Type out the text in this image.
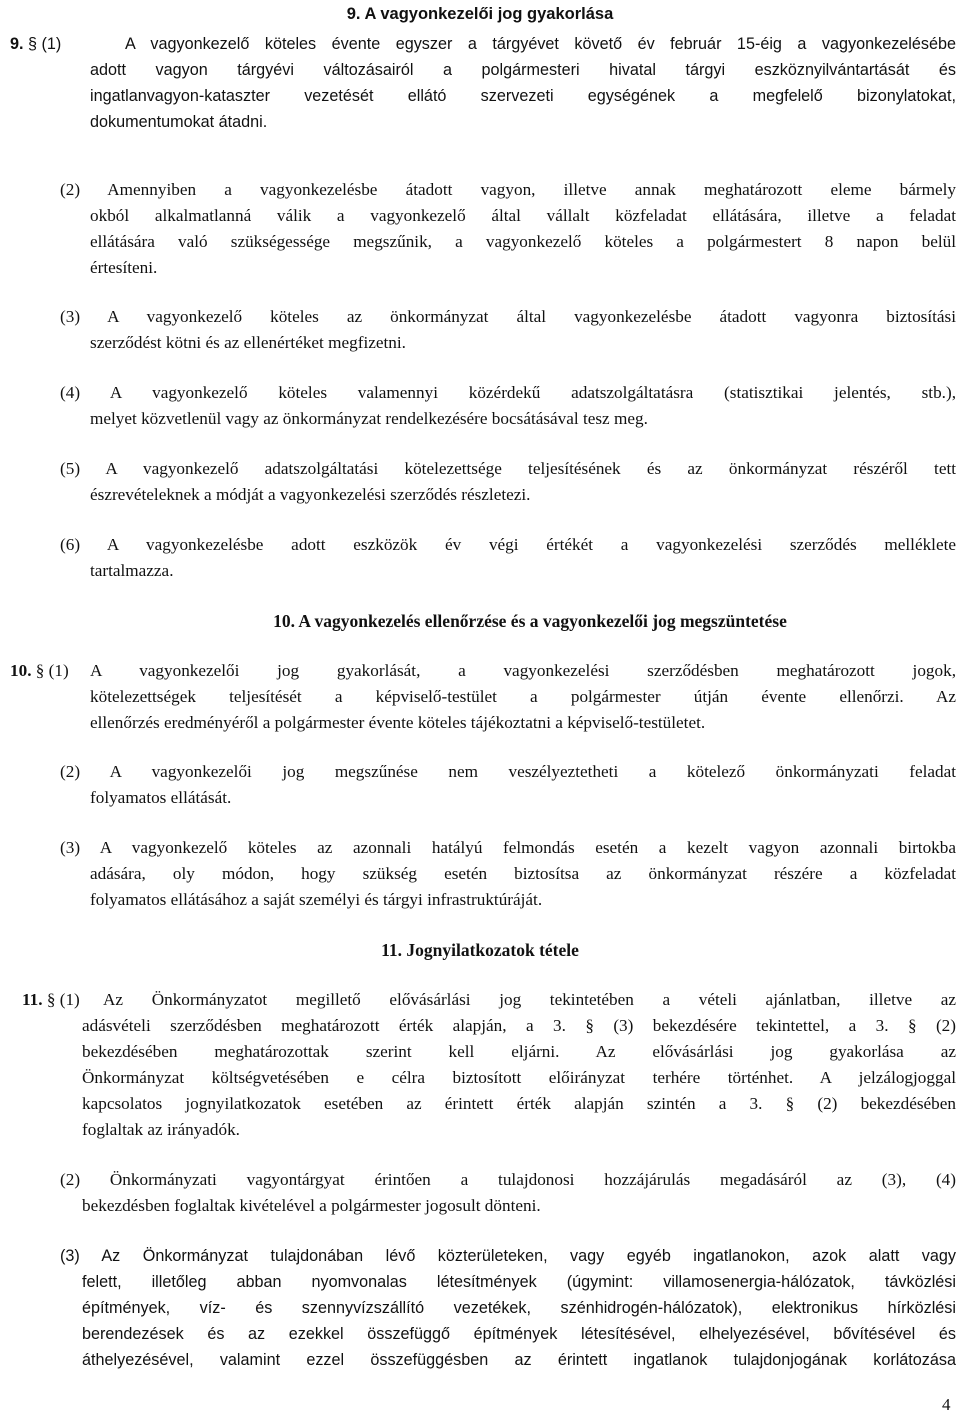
9. A vagyonkezelői jog gyakorlása
9. § (1)	A vagyonkezelő köteles évente egyszer a tárgyévet követő év február 15-éig a vagyonkezelésébe

adott vagyon tárgyévi változásairól a polgármesteri hivatal tárgyi eszköznyilvántartását és

ingatlanvagyon-kataszter vezetését ellátó szervezeti egységének a megfelelő bizonylatokat,

dokumentumokat átadni.

(2) Amennyiben a vagyonkezelésbe átadott vagyon, illetve annak meghatározott eleme bármely

okból alkalmatlanná válik a vagyonkezelő által vállalt közfeladat ellátására, illetve a feladat

ellátására való szükségessége megszűnik, a vagyonkezelő köteles a polgármestert 8 napon belül

értesíteni.

(3) A vagyonkezelő köteles az önkormányzat által vagyonkezelésbe átadott vagyonra biztosítási

szerződést kötni és az ellenértéket megfizetni.

(4) A vagyonkezelő köteles valamennyi közérdekű adatszolgáltatásra (statisztikai jelentés, stb.),

melyet közvetlenül vagy az önkormányzat rendelkezésére bocsátásával tesz meg.

(5) A vagyonkezelő adatszolgáltatási kötelezettsége teljesítésének és az önkormányzat részéről tett

észrevételeknek a módját a vagyonkezelési szerződés részletezi.

(6) A vagyonkezelésbe adott eszközök év végi értékét a vagyonkezelési szerződés melléklete

tartalmazza.

10. A vagyonkezelés ellenőrzése és a vagyonkezelői jog megszüntetése
10. § (1) A vagyonkezelői jog gyakorlását, a vagyonkezelési szerződésben meghatározott jogok,

kötelezettségek teljesítését a képviselő-testület a polgármester útján évente ellenőrzi. Az

ellenőrzés eredményéről a polgármester évente köteles tájékoztatni a képviselő-testületet.

(2) A vagyonkezelői jog megszűnése nem veszélyeztetheti a kötelező önkormányzati feladat

folyamatos ellátását.

(3) A vagyonkezelő köteles az azonnali hatályú felmondás esetén a kezelt vagyon azonnali birtokba

adására, oly módon, hogy szükség esetén biztosítsa az önkormányzat részére a közfeladat

folyamatos ellátásához a saját személyi és tárgyi infrastruktúráját.

11. Jognyilatkozatok tétele
11. § (1) Az Önkormányzatot megillető elővásárlási jog tekintetében a vételi ajánlatban, illetve az

adásvételi szerződésben meghatározott érték alapján, a 3. § (3) bekezdésére tekintettel, a 3. § (2)

bekezdésében meghatározottak szerint kell eljárni. Az elővásárlási jog gyakorlása az

Önkormányzat költségvetésében e célra biztosított előirányzat terhére történhet. A jelzálogjoggal

kapcsolatos jognyilatkozatok esetében az érintett érték alapján szintén a 3. § (2) bekezdésében

foglaltak az irányadók.

(2) Önkormányzati vagyontárgyat érintően a tulajdonosi hozzájárulás megadásáról az (3), (4)

bekezdésben foglaltak kivételével a polgármester jogosult dönteni.

(3) Az Önkormányzat tulajdonában lévő közterületeken, vagy egyéb ingatlanokon, azok alatt vagy

felett, illetőleg abban nyomvonalas létesítmények (úgymint: villamosenergia-hálózatok, távközlési

építmények, víz- és szennyvízszállító vezetékek, szénhidrogén-hálózatok), elektronikus hírközlési

berendezések és az ezekkel összefüggő építmények létesítésével, elhelyezésével, bővítésével és

áthelyezésével, valamint ezzel összefüggésben az érintett ingatlanok tulajdonjogának korlátozása

4
